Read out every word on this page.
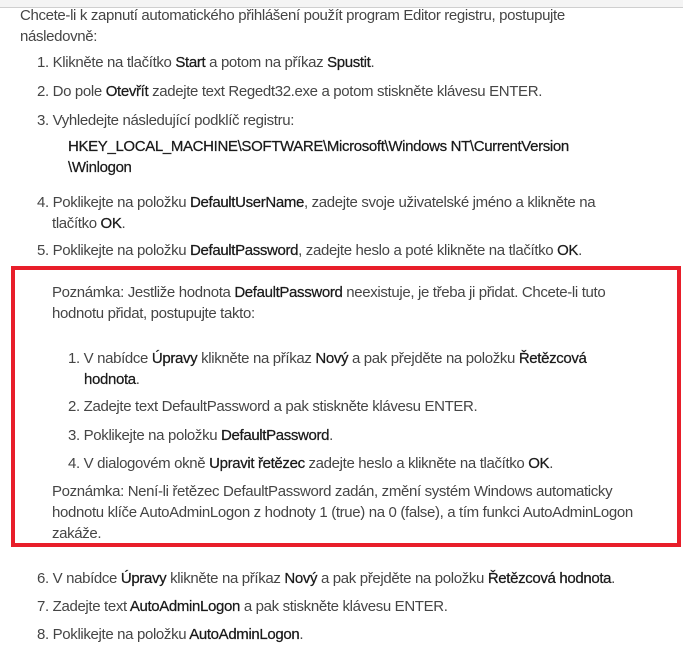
Chcete-li k zapnutí automatického přihlášení použít program Editor registru, postupujte
následovně:
1. Klikněte na tlačítko Start a potom na příkaz Spustit.
2. Do pole Otevřít zadejte text Regedt32.exe a potom stiskněte klávesu ENTER.
3. Vyhledejte následující podklíč registru:
HKEY_LOCAL_MACHINE\SOFTWARE\Microsoft\Windows NT\CurrentVersion
\Winlogon
4. Poklikejte na položku DefaultUserName, zadejte svoje uživatelské jméno a klikněte na
tlačítko OK.
5. Poklikejte na položku DefaultPassword, zadejte heslo a poté klikněte na tlačítko OK.
Poznámka: Jestliže hodnota DefaultPassword neexistuje, je třeba ji přidat. Chcete-li tuto
hodnotu přidat, postupujte takto:
1. V nabídce Úpravy klikněte na příkaz Nový a pak přejděte na položku Řetězcová
hodnota.
2. Zadejte text DefaultPassword a pak stiskněte klávesu ENTER.
3. Poklikejte na položku DefaultPassword.
4. V dialogovém okně Upravit řetězec zadejte heslo a klikněte na tlačítko OK.
Poznámka: Není-li řetězec DefaultPassword zadán, změní systém Windows automaticky
hodnotu klíče AutoAdminLogon z hodnoty 1 (true) na 0 (false), a tím funkci AutoAdminLogon
zakáže.
6. V nabídce Úpravy klikněte na příkaz Nový a pak přejděte na položku Řetězcová hodnota.
7. Zadejte text AutoAdminLogon a pak stiskněte klávesu ENTER.
8. Poklikejte na položku AutoAdminLogon.
